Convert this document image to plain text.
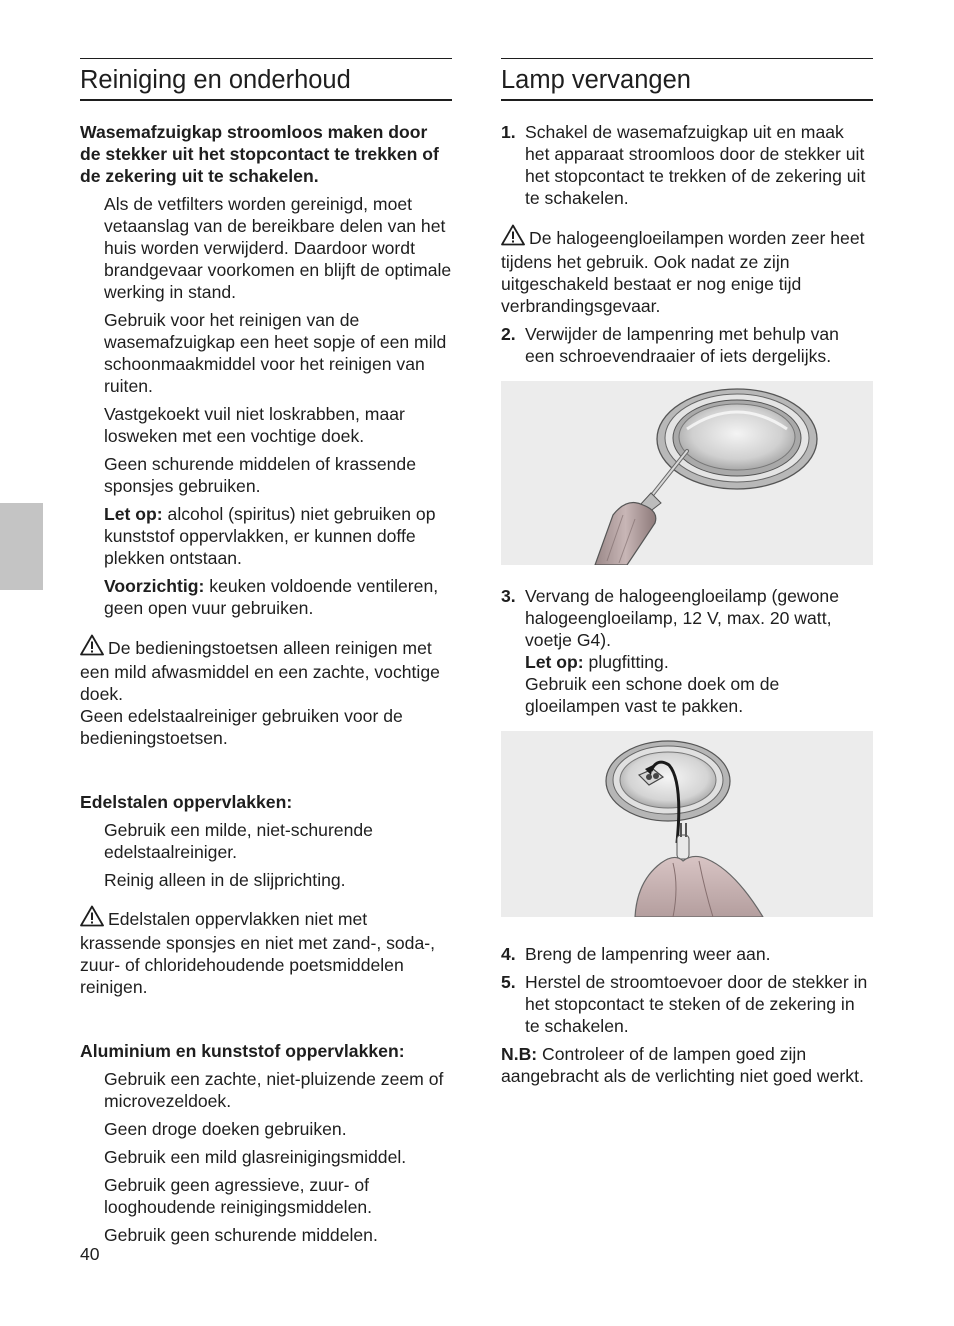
Reiniging en onderhoud

Wasemafzuigkap stroomloos maken door de stekker uit het stopcontact te trekken of de zekering uit te schakelen.

Als de vetfilters worden gereinigd, moet vetaanslag van de bereikbare delen van het huis worden verwijderd. Daardoor wordt brandgevaar voorkomen en blijft de optimale werking in stand.

Gebruik voor het reinigen van de wasemafzuigkap een heet sopje of een mild schoonmaakmiddel voor het reinigen van ruiten.

Vastgekoekt vuil niet loskrabben, maar losweken met een vochtige doek.

Geen schurende middelen of krassende sponsjes gebruiken.

Let op: alcohol (spiritus) niet gebruiken op kunststof oppervlakken, er kunnen doffe plekken ontstaan.

Voorzichtig: keuken voldoende ventileren, geen open vuur gebruiken.

De bedieningstoetsen alleen reinigen met een mild afwasmiddel en een zachte, vochtige doek.

Geen edelstaalreiniger gebruiken voor de bedieningstoetsen.

Edelstalen oppervlakken:

Gebruik een milde, niet-schurende edelstaalreiniger.

Reinig alleen in de slijprichting.

Edelstalen oppervlakken niet met krassende sponsjes en niet met zand-, soda-, zuur- of chloridehoudende poetsmiddelen reinigen.

Aluminium en kunststof oppervlakken:

Gebruik een zachte, niet-pluizende zeem of microvezeldoek.

Geen droge doeken gebruiken.

Gebruik een mild glasreinigingsmiddel.

Gebruik geen agressieve, zuur- of looghoudende reinigingsmiddelen.

Gebruik geen schurende middelen.

Lamp vervangen
1. Schakel de wasemafzuigkap uit en maak het apparaat stroomloos door de stekker uit het stopcontact te trekken of de zekering uit te schakelen.

De halogeengloeilampen worden zeer heet tijdens het gebruik. Ook nadat ze zijn uitgeschakeld bestaat er nog enige tijd verbrandingsgevaar.

2. Verwijder de lampenring met behulp van een schroevendraaier of iets dergelijks.
3. Vervang de halogeengloeilamp (gewone halogeengloeilamp, 12 V, max. 20 watt, voetje G4).
Let op: plugfitting.
Gebruik een schone doek om de gloeilampen vast te pakken.
4. Breng de lampenring weer aan.
5. Herstel de stroomtoevoer door de stekker in het stopcontact te steken of de zekering in te schakelen.

N.B: Controleer of de lampen goed zijn aangebracht als de verlichting niet goed werkt.

40
